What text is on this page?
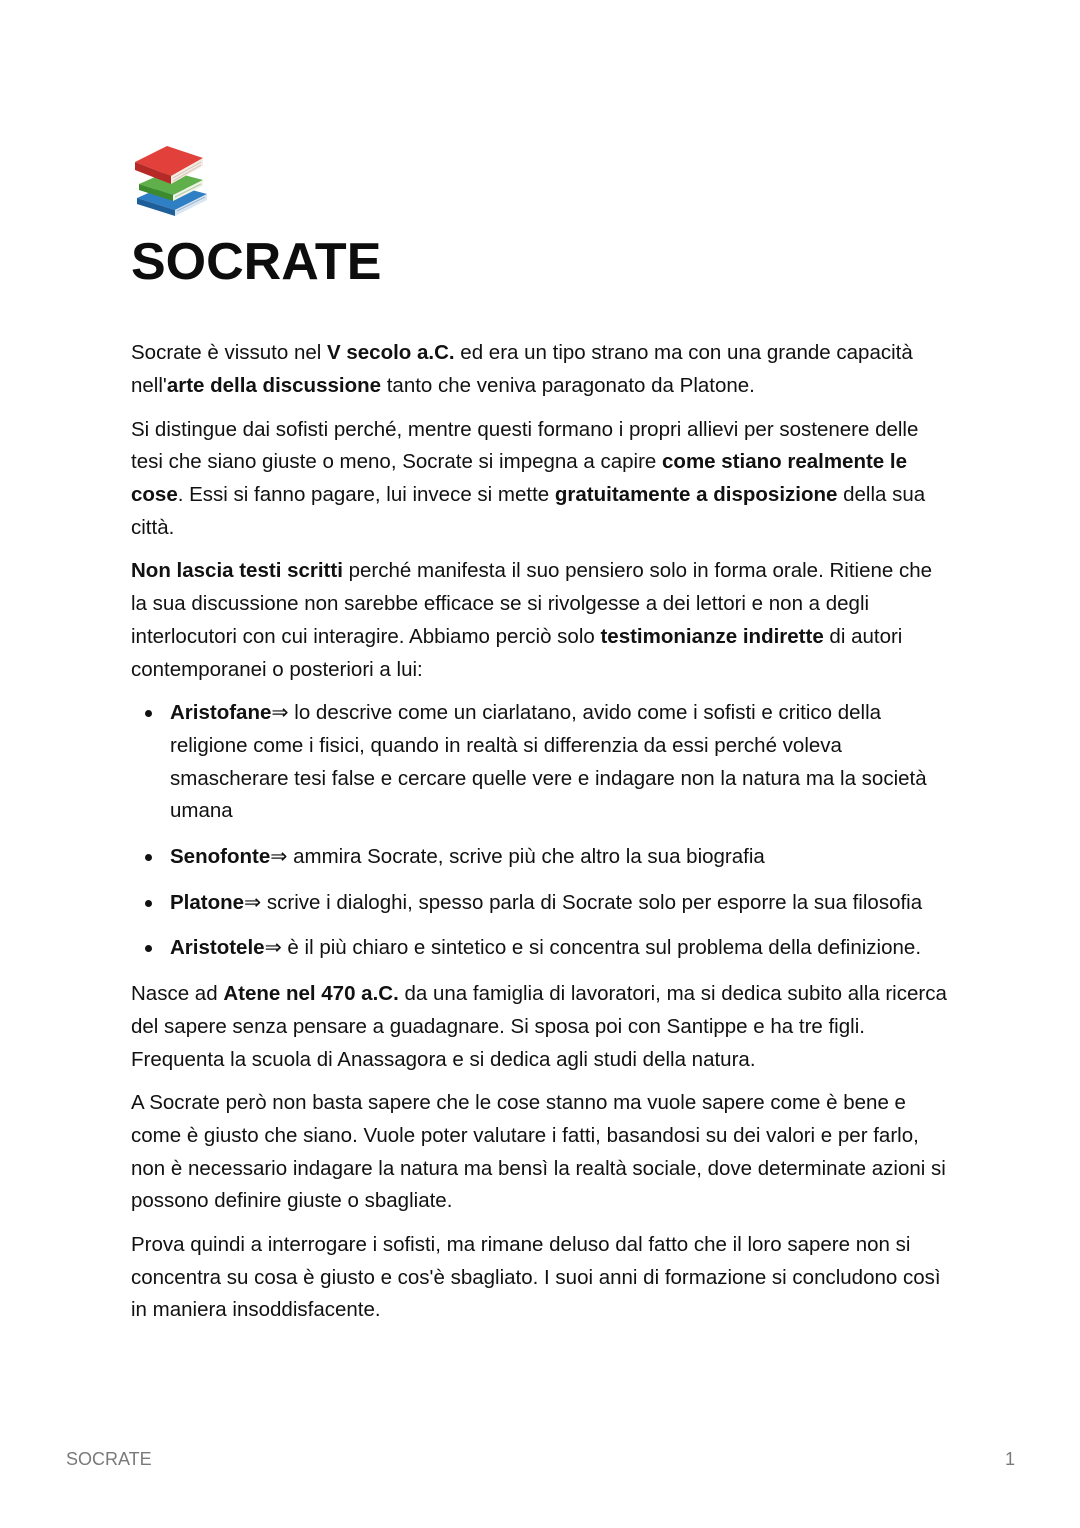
SOCRATE

Socrate è vissuto nel V secolo a.C. ed era un tipo strano ma con una grande capacità nell'arte della discussione tanto che veniva paragonato da Platone.

Si distingue dai sofisti perché, mentre questi formano i propri allievi per sostenere delle tesi che siano giuste o meno, Socrate si impegna a capire come stiano realmente le cose. Essi si fanno pagare, lui invece si mette gratuitamente a disposizione della sua città.

Non lascia testi scritti perché manifesta il suo pensiero solo in forma orale. Ritiene che la sua discussione non sarebbe efficace se si rivolgesse a dei lettori e non a degli interlocutori con cui interagire. Abbiamo perciò solo testimonianze indirette di autori contemporanei o posteriori a lui:

Aristofane⇒ lo descrive come un ciarlatano, avido come i sofisti e critico della religione come i fisici, quando in realtà si differenzia da essi perché voleva smascherare tesi false e cercare quelle vere e indagare non la natura ma la società umana
Senofonte⇒ ammira Socrate, scrive più che altro la sua biografia
Platone⇒ scrive i dialoghi, spesso parla di Socrate solo per esporre la sua filosofia
Aristotele⇒ è il più chiaro e sintetico e si concentra sul problema della definizione.

Nasce ad Atene nel 470 a.C. da una famiglia di lavoratori, ma si dedica subito alla ricerca del sapere senza pensare a guadagnare. Si sposa poi con Santippe e ha tre figli. Frequenta la scuola di Anassagora e si dedica agli studi della natura.

A Socrate però non basta sapere che le cose stanno ma vuole sapere come è bene e come è giusto che siano. Vuole poter valutare i fatti, basandosi su dei valori e per farlo, non è necessario indagare la natura ma bensì la realtà sociale, dove determinate azioni si possono definire giuste o sbagliate.

Prova quindi a interrogare i sofisti, ma rimane deluso dal fatto che il loro sapere non si concentra su cosa è giusto e cos'è sbagliato. I suoi anni di formazione si concludono così in maniera insoddisfacente.

SOCRATE	1
